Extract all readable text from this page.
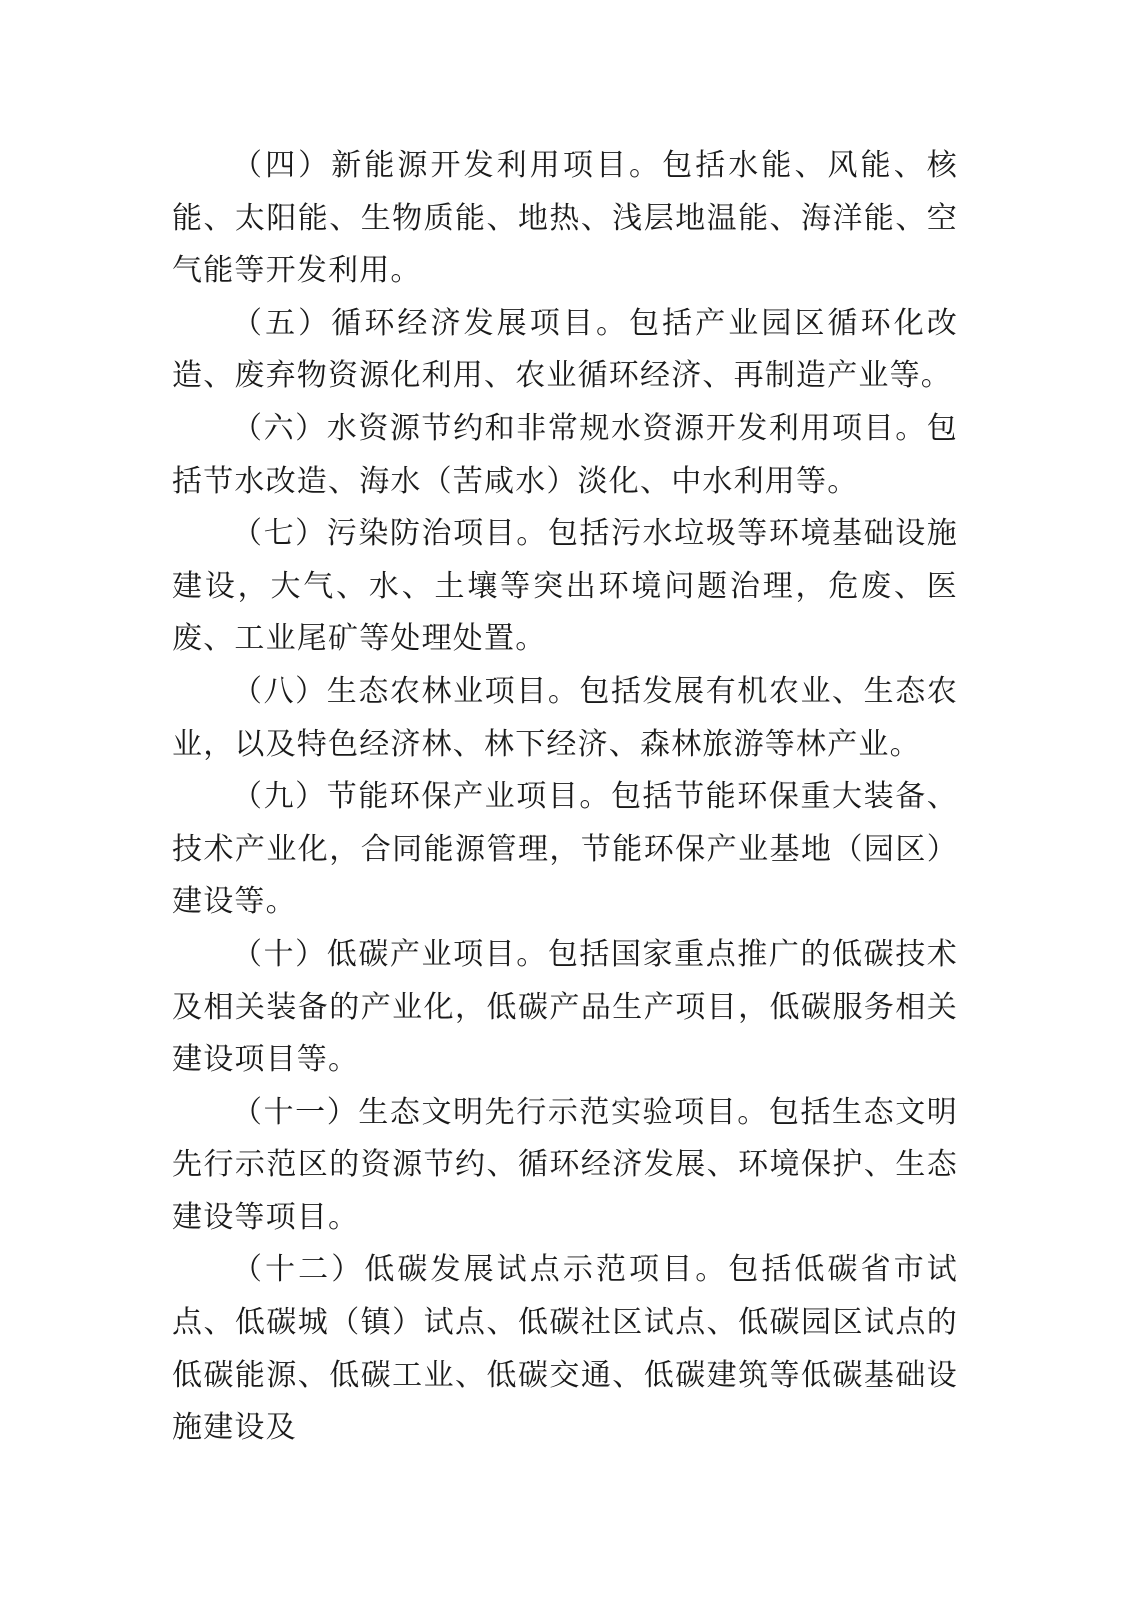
（四）新能源开发利用项目。包括水能、风能、核能、太阳能、生物质能、地热、浅层地温能、海洋能、空气能等开发利用。

（五）循环经济发展项目。包括产业园区循环化改造、废弃物资源化利用、农业循环经济、再制造产业等。

（六）水资源节约和非常规水资源开发利用项目。包括节水改造、海水（苦咸水）淡化、中水利用等。

（七）污染防治项目。包括污水垃圾等环境基础设施建设，大气、水、土壤等突出环境问题治理，危废、医废、工业尾矿等处理处置。

（八）生态农林业项目。包括发展有机农业、生态农业，以及特色经济林、林下经济、森林旅游等林产业。

（九）节能环保产业项目。包括节能环保重大装备、技术产业化，合同能源管理，节能环保产业基地（园区）建设等。

（十）低碳产业项目。包括国家重点推广的低碳技术及相关装备的产业化，低碳产品生产项目，低碳服务相关建设项目等。

（十一）生态文明先行示范实验项目。包括生态文明先行示范区的资源节约、循环经济发展、环境保护、生态建设等项目。

（十二）低碳发展试点示范项目。包括低碳省市试点、低碳城（镇）试点、低碳社区试点、低碳园区试点的低碳能源、低碳工业、低碳交通、低碳建筑等低碳基础设施建设及
